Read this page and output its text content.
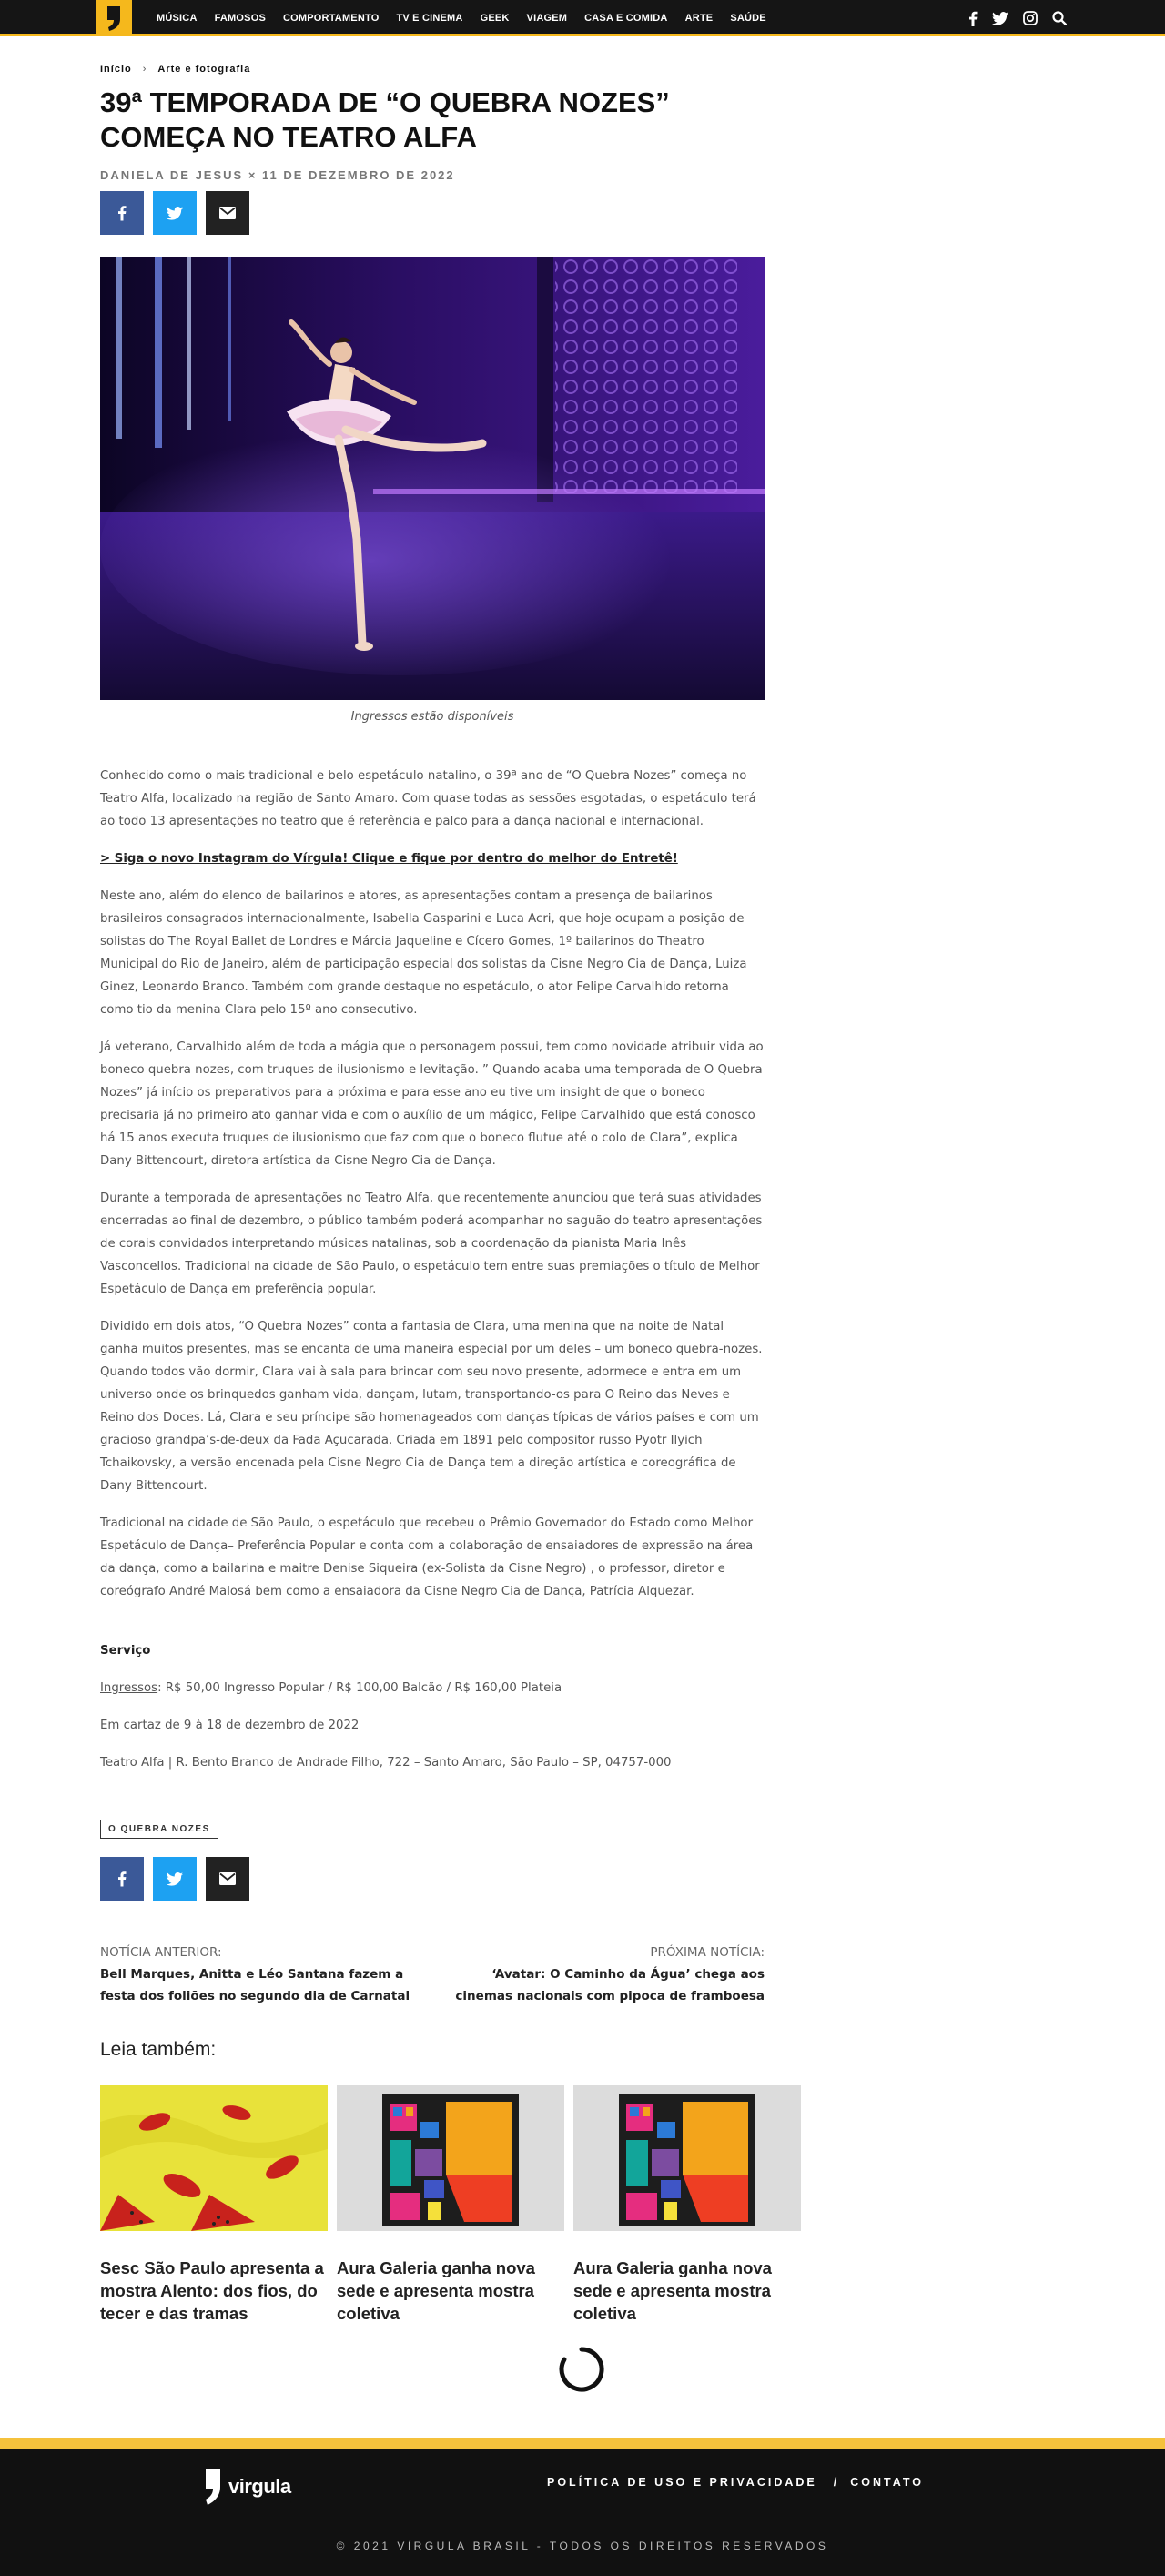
MÚSICA FAMOSOS COMPORTAMENTO TV E CINEMA GEEK VIAGEM CASA E COMIDA ARTE SAÚDE
Início › Arte e fotografia
39ª TEMPORADA DE “O QUEBRA NOZES” COMEÇA NO TEATRO ALFA
DANIELA DE JESUS × 11 DE DEZEMBRO DE 2022
Ingressos estão disponíveis

Conhecido como o mais tradicional e belo espetáculo natalino, o 39ª ano de “O Quebra Nozes” começa no Teatro Alfa, localizado na região de Santo Amaro. Com quase todas as sessões esgotadas, o espetáculo terá ao todo 13 apresentações no teatro que é referência e palco para a dança nacional e internacional.

> Siga o novo Instagram do Vírgula! Clique e fique por dentro do melhor do Entretê!

Neste ano, além do elenco de bailarinos e atores, as apresentações contam a presença de bailarinos brasileiros consagrados internacionalmente, Isabella Gasparini e Luca Acri, que hoje ocupam a posição de solistas do The Royal Ballet de Londres e Márcia Jaqueline e Cícero Gomes, 1º bailarinos do Theatro Municipal do Rio de Janeiro, além de participação especial dos solistas da Cisne Negro Cia de Dança, Luiza Ginez, Leonardo Branco. Também com grande destaque no espetáculo, o ator Felipe Carvalhido retorna como tio da menina Clara pelo 15º ano consecutivo.

Já veterano, Carvalhido além de toda a mágia que o personagem possui, tem como novidade atribuir vida ao boneco quebra nozes, com truques de ilusionismo e levitação. ” Quando acaba uma temporada de O Quebra Nozes” já início os preparativos para a próxima e para esse ano eu tive um insight de que o boneco precisaria já no primeiro ato ganhar vida e com o auxílio de um mágico, Felipe Carvalhido que está conosco há 15 anos executa truques de ilusionismo que faz com que o boneco flutue até o colo de Clara”, explica Dany Bittencourt, diretora artística da Cisne Negro Cia de Dança.

Durante a temporada de apresentações no Teatro Alfa, que recentemente anunciou que terá suas atividades encerradas ao final de dezembro, o público também poderá acompanhar no saguão do teatro apresentações de corais convidados interpretando músicas natalinas, sob a coordenação da pianista Maria Inês Vasconcellos. Tradicional na cidade de São Paulo, o espetáculo tem entre suas premiações o título de Melhor Espetáculo de Dança em preferência popular.

Dividido em dois atos, “O Quebra Nozes” conta a fantasia de Clara, uma menina que na noite de Natal ganha muitos presentes, mas se encanta de uma maneira especial por um deles – um boneco quebra-nozes. Quando todos vão dormir, Clara vai à sala para brincar com seu novo presente, adormece e entra em um universo onde os brinquedos ganham vida, dançam, lutam, transportando-os para O Reino das Neves e Reino dos Doces. Lá, Clara e seu príncipe são homenageados com danças típicas de vários países e com um gracioso grandpa’s-de-deux da Fada Açucarada. Criada em 1891 pelo compositor russo Pyotr Ilyich Tchaikovsky, a versão encenada pela Cisne Negro Cia de Dança tem a direção artística e coreográfica de Dany Bittencourt.

Tradicional na cidade de São Paulo, o espetáculo que recebeu o Prêmio Governador do Estado como Melhor Espetáculo de Dança– Preferência Popular e conta com a colaboração de ensaiadores de expressão na área da dança, como a bailarina e maitre Denise Siqueira (ex-Solista da Cisne Negro) , o professor, diretor e coreógrafo André Malosá bem como a ensaiadora da Cisne Negro Cia de Dança, Patrícia Alquezar.

Serviço

Ingressos: R$ 50,00 Ingresso Popular / R$ 100,00 Balcão / R$ 160,00 Plateia

Em cartaz de 9 à 18 de dezembro de 2022

Teatro Alfa | R. Bento Branco de Andrade Filho, 722 – Santo Amaro, São Paulo – SP, 04757-000

O QUEBRA NOZES
NOTÍCIA ANTERIOR:
Bell Marques, Anitta e Léo Santana fazem a festa dos foliões no segundo dia de Carnatal
PRÓXIMA NOTÍCIA:
‘Avatar: O Caminho da Água’ chega aos cinemas nacionais com pipoca de framboesa
Leia também:
Sesc São Paulo apresenta a mostra Alento: dos fios, do tecer e das tramas
Aura Galeria ganha nova sede e apresenta mostra coletiva
Aura Galeria ganha nova sede e apresenta mostra coletiva
virgula	POLÍTICA DE USO E PRIVACIDADE / CONTATO
© 2021 VÍRGULA BRASIL - TODOS OS DIREITOS RESERVADOS
